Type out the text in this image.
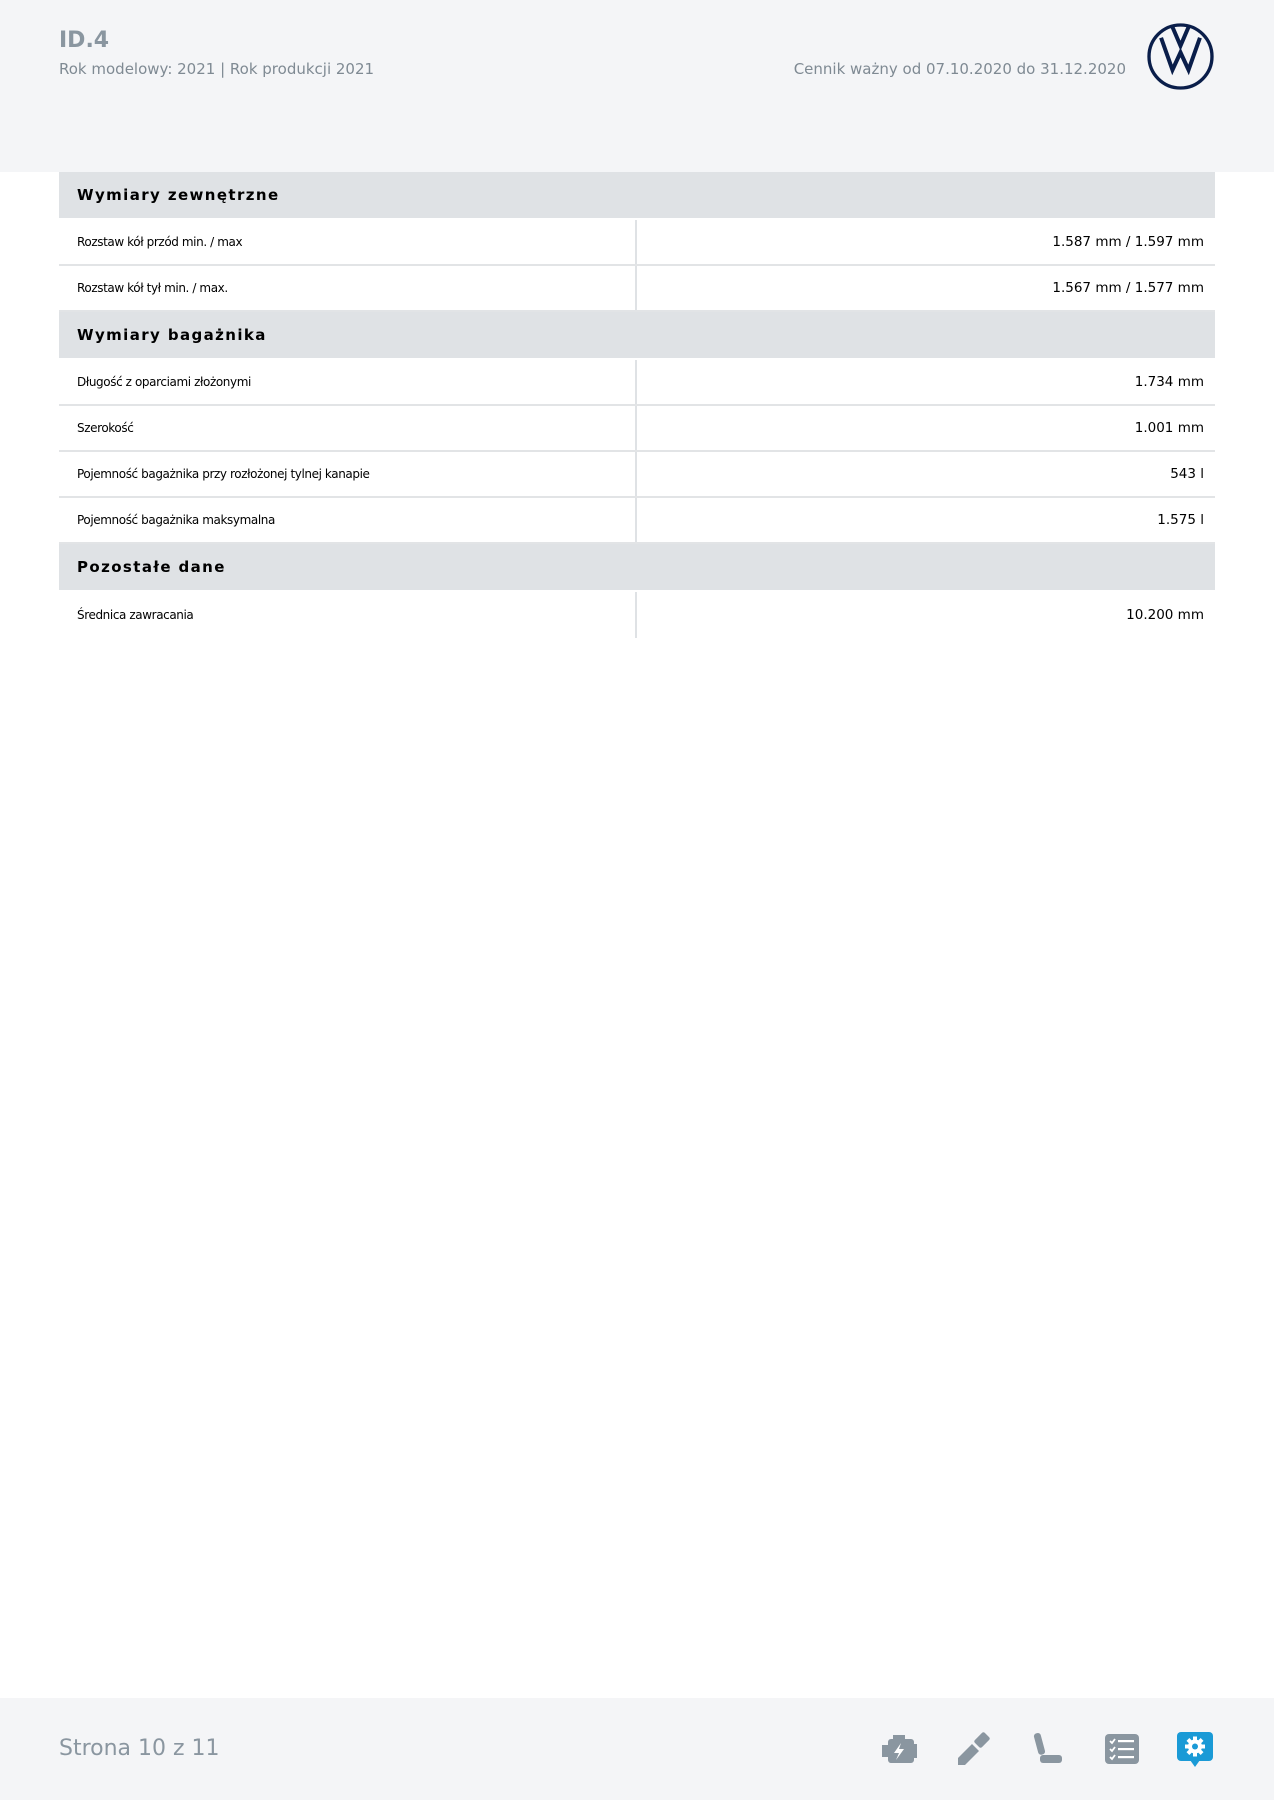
ID.4
Rok modelowy: 2021 | Rok produkcji 2021	Cennik ważny od 07.10.2020 do 31.12.2020
Wymiary zewnętrzne
Rozstaw kół przód min. / max	1.587 mm / 1.597 mm
Rozstaw kół tył min. / max.	1.567 mm / 1.577 mm
Wymiary bagażnika
Długość z oparciami złożonymi	1.734 mm
Szerokość	1.001 mm
Pojemność bagażnika przy rozłożonej tylnej kanapie	543 l
Pojemność bagażnika maksymalna	1.575 l
Pozostałe dane
Średnica zawracania	10.200 mm
Strona 10 z 11
